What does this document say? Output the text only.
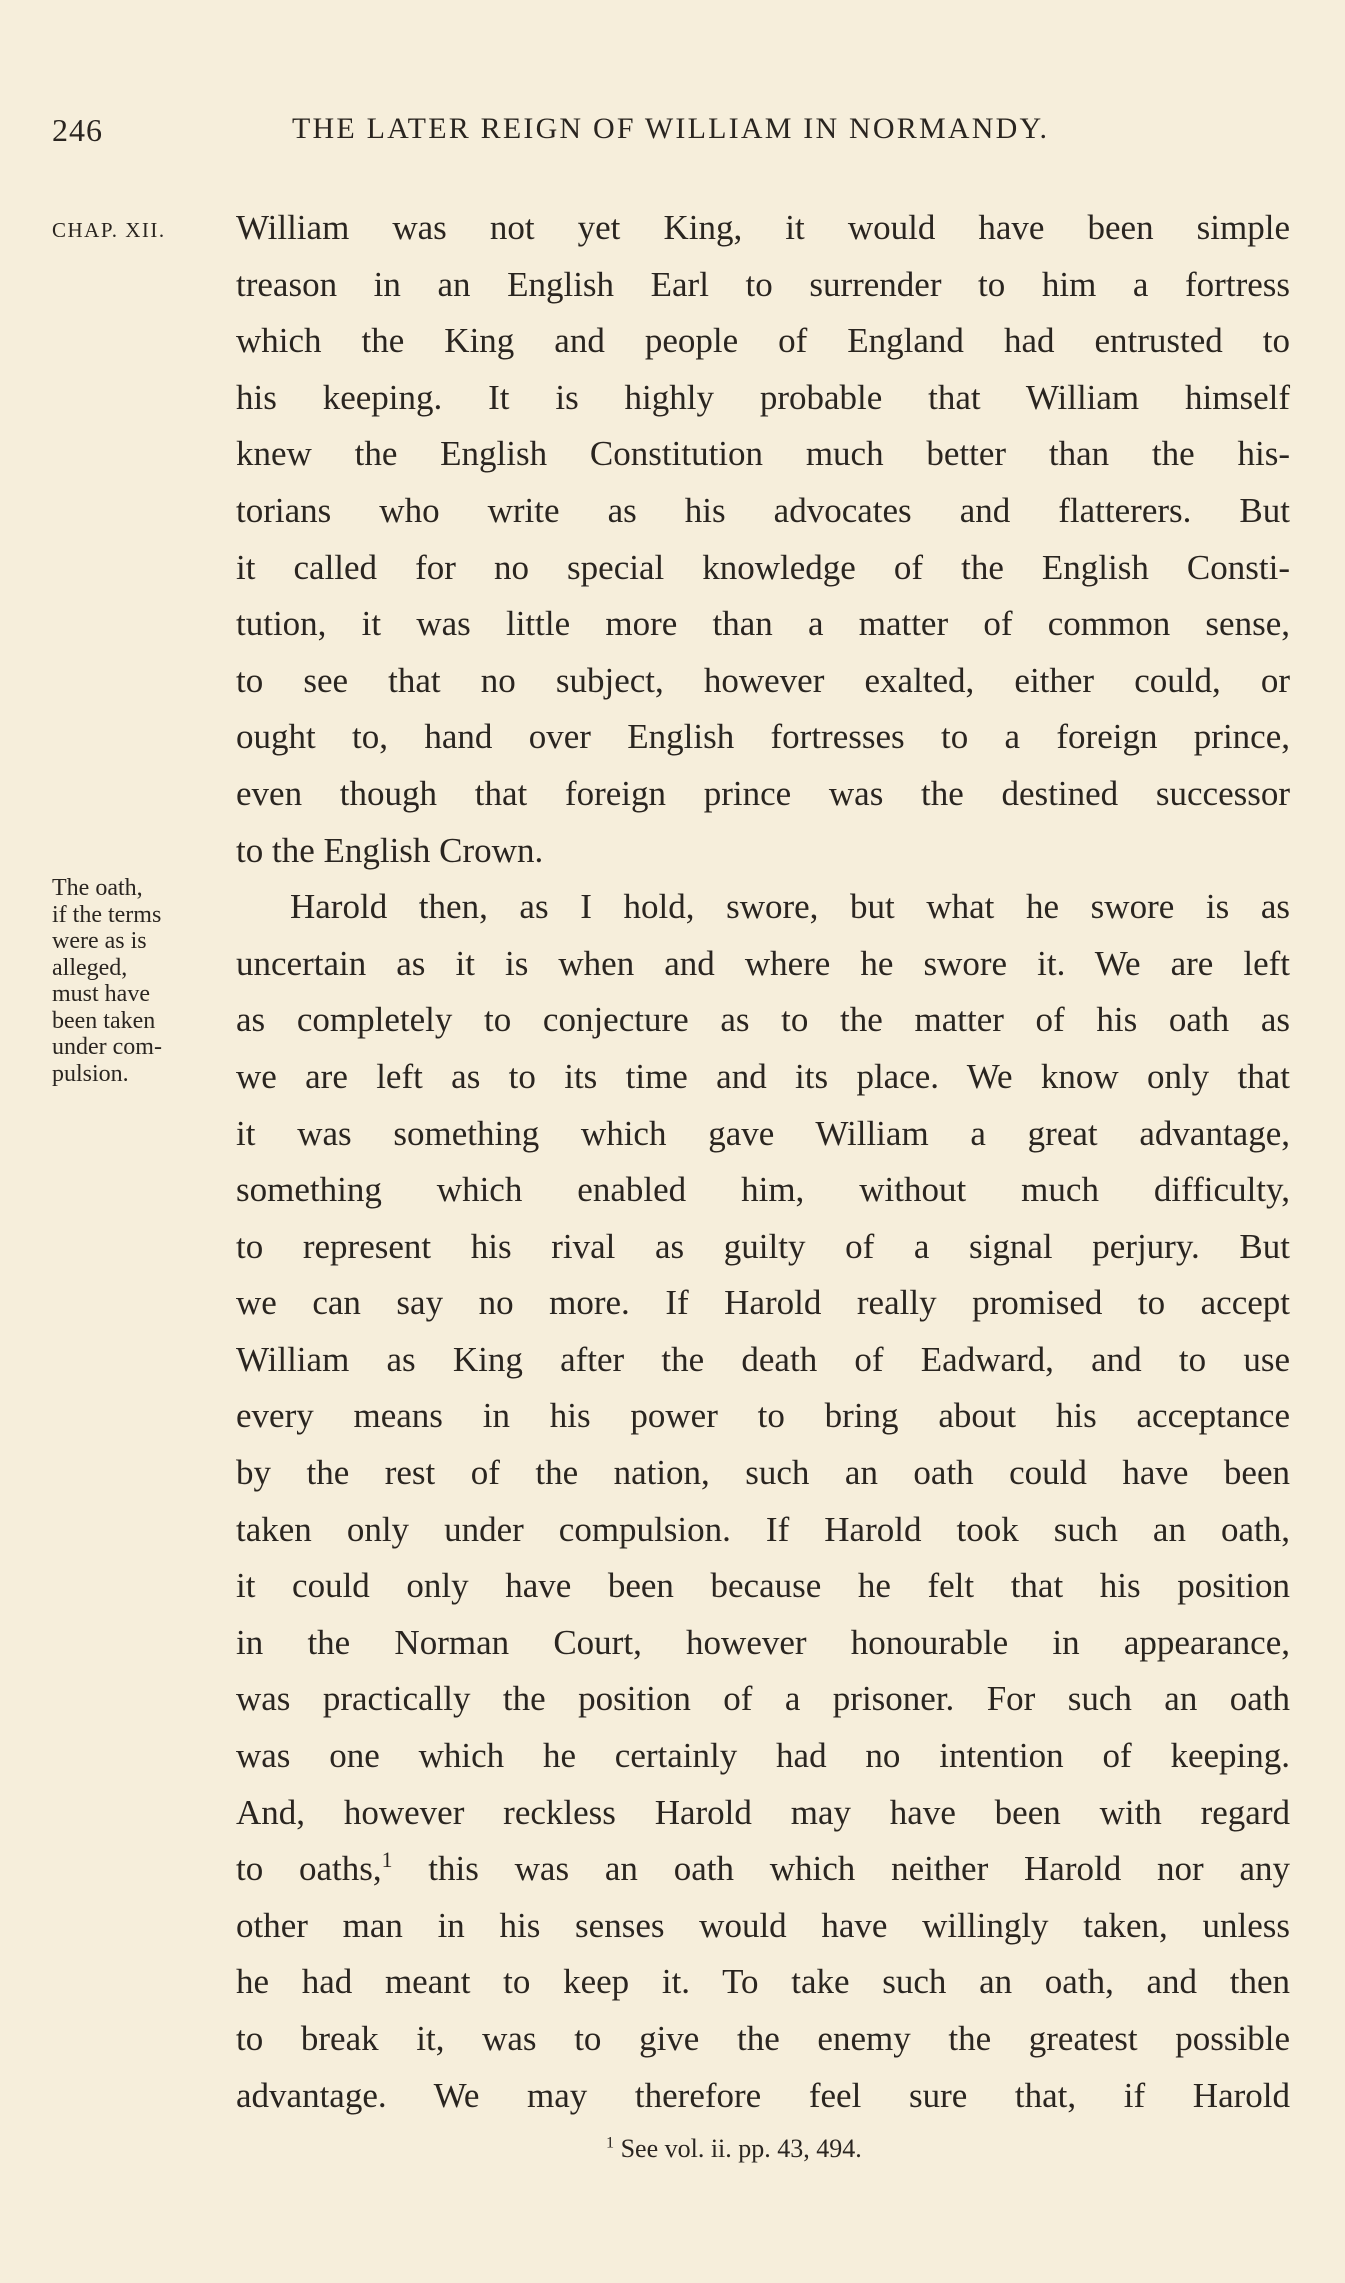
246	THE LATER REIGN OF WILLIAM IN NORMANDY.
CHAP. XII.
The oath,
if the terms
were as is
alleged,
must have
been taken
under com-
pulsion.
William was not yet King, it would have been simple
treason in an English Earl to surrender to him a fortress
which the King and people of England had entrusted to
his keeping. It is highly probable that William himself
knew the English Constitution much better than the his-
torians who write as his advocates and flatterers. But
it called for no special knowledge of the English Consti-
tution, it was little more than a matter of common sense,
to see that no subject, however exalted, either could, or
ought to, hand over English fortresses to a foreign prince,
even though that foreign prince was the destined successor
to the English Crown.
Harold then, as I hold, swore, but what he swore is as
uncertain as it is when and where he swore it. We are left
as completely to conjecture as to the matter of his oath as
we are left as to its time and its place. We know only that
it was something which gave William a great advantage,
something which enabled him, without much difficulty,
to represent his rival as guilty of a signal perjury. But
we can say no more. If Harold really promised to accept
William as King after the death of Eadward, and to use
every means in his power to bring about his acceptance
by the rest of the nation, such an oath could have been
taken only under compulsion. If Harold took such an oath,
it could only have been because he felt that his position
in the Norman Court, however honourable in appearance,
was practically the position of a prisoner. For such an oath
was one which he certainly had no intention of keeping.
And, however reckless Harold may have been with regard
to oaths,$^1$ this was an oath which neither Harold nor any
other man in his senses would have willingly taken, unless
he had meant to keep it. To take such an oath, and then
to break it, was to give the enemy the greatest possible
advantage. We may therefore feel sure that, if Harold
$^1$ See vol. ii. pp. 43, 494.
